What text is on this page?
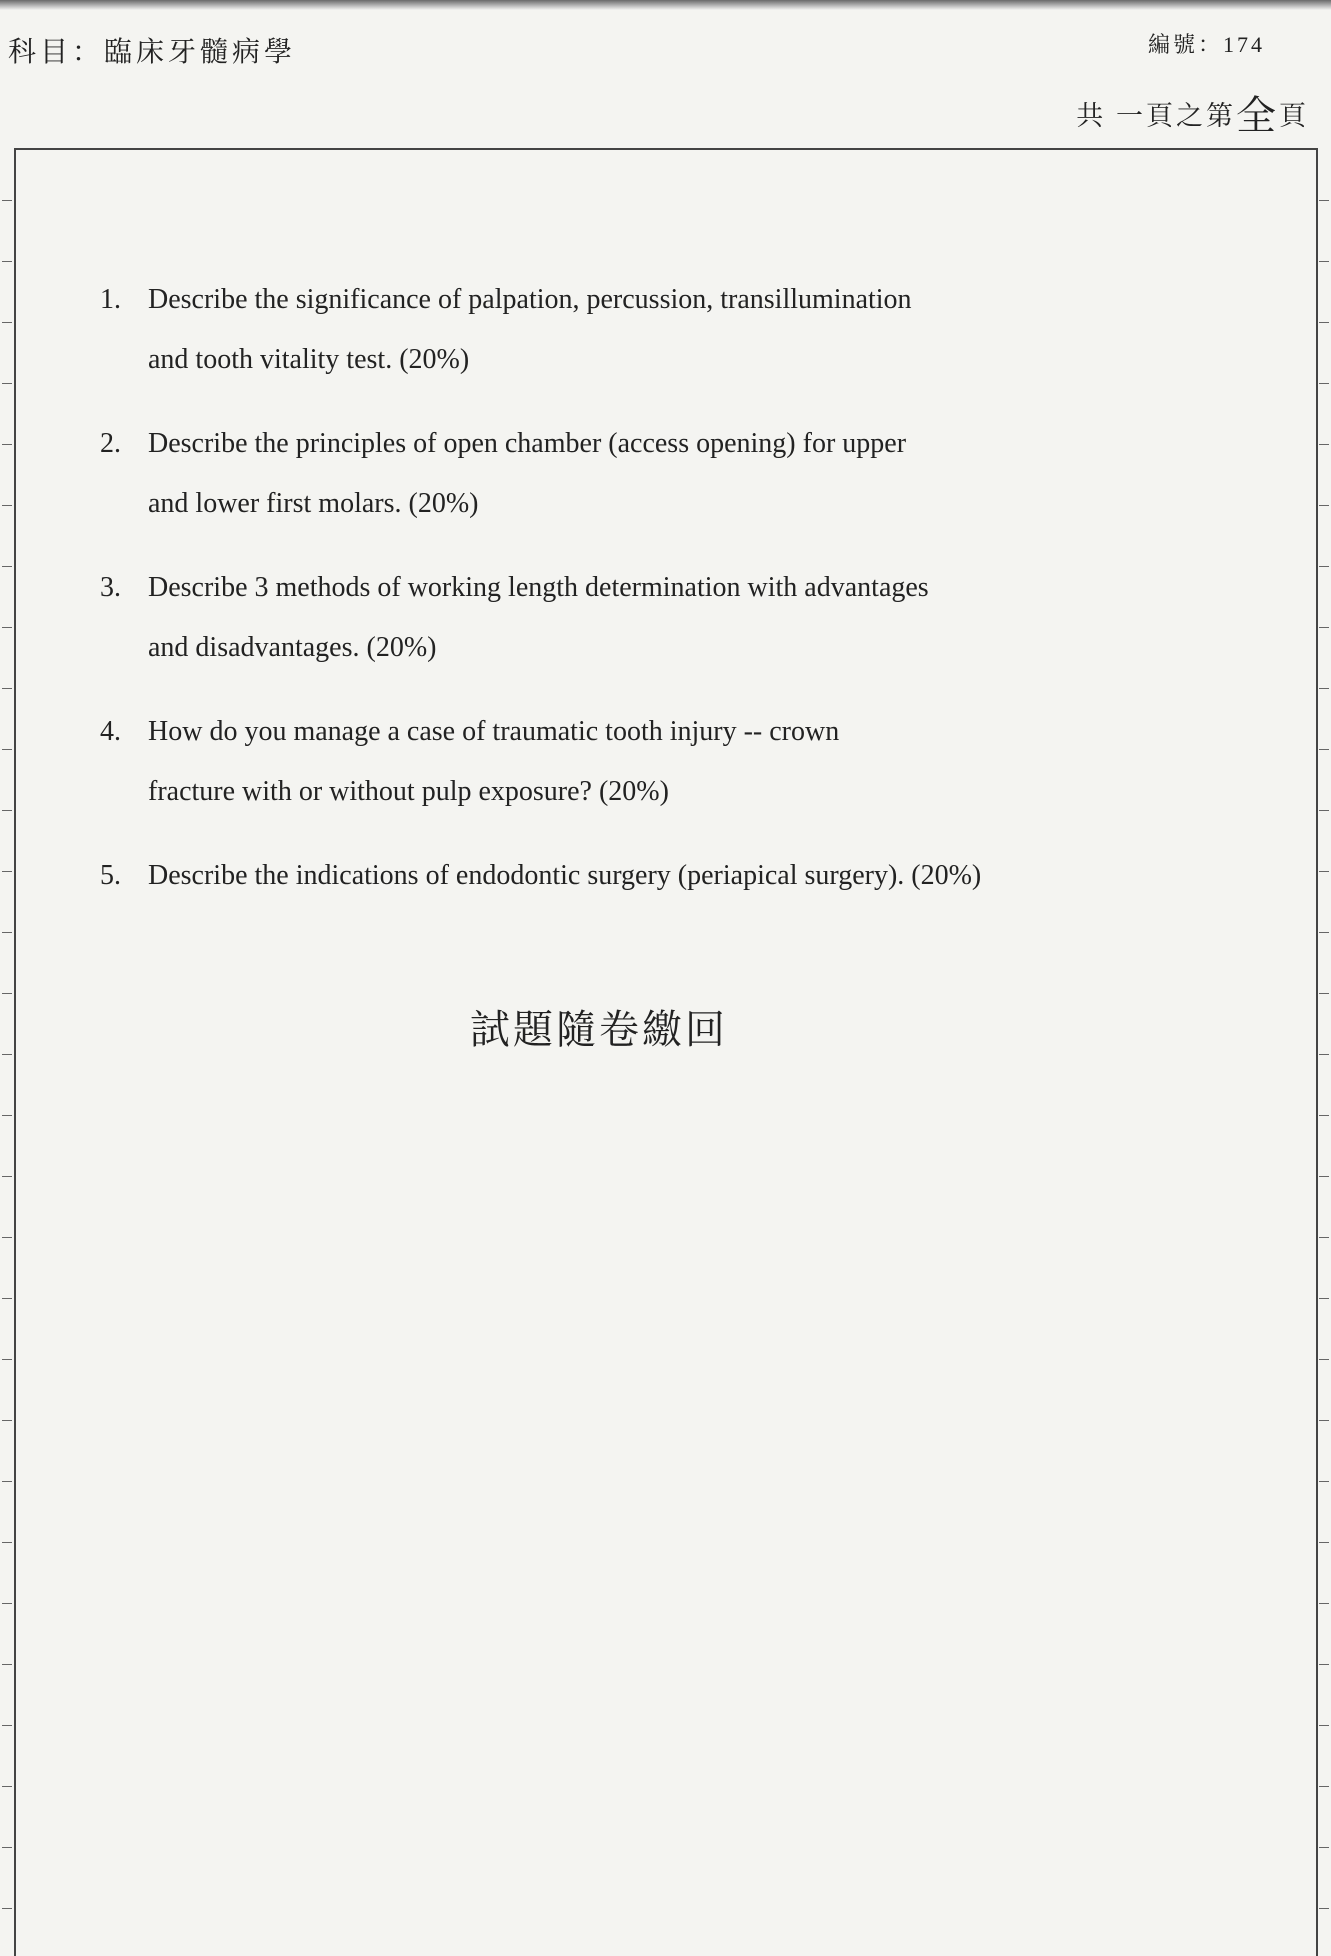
科目：臨床牙髓病學	編號：174
共 一頁之第全頁
1. Describe the significance of palpation, percussion, transillumination
and tooth vitality test. (20%)
2. Describe the principles of open chamber (access opening) for upper
and lower first molars. (20%)
3. Describe 3 methods of working length determination with advantages
and disadvantages. (20%)
4. How do you manage a case of traumatic tooth injury -- crown
fracture with or without pulp exposure? (20%)
5. Describe the indications of endodontic surgery (periapical surgery). (20%)
試題隨卷繳回
